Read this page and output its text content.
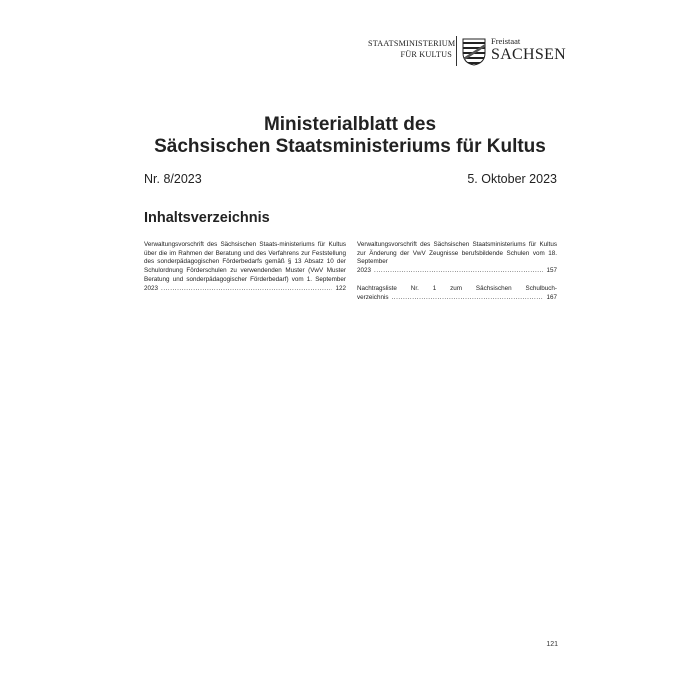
STAATSMINISTERIUM
FÜR KULTUS
Freistaat
SACHSEN
Ministerialblatt des
Sächsischen Staatsministeriums für Kultus
Nr. 8/2023	5. Oktober 2023
Inhaltsverzeichnis
Verwaltungsvorschrift des Sächsischen Staats-ministeriums für Kultus über die im Rahmen der Beratung und des Verfahrens zur Feststellung des sonderpädagogischen Förderbedarfs gemäß § 13 Absatz 10 der Schulordnung Förderschulen zu verwendenden Muster (VwV Muster Beratung und sonderpädagogischer Förderbedarf) vom 1. September
2023 . . .	122
Verwaltungsvorschrift des Sächsischen Staatsministeriums für Kultus zur Änderung der VwV Zeugnisse berufsbildende Schulen vom 18. September
2023 . . .	157
Nachtragsliste Nr. 1 zum Sächsischen Schulbuch-
verzeichnis . . .	167
121
